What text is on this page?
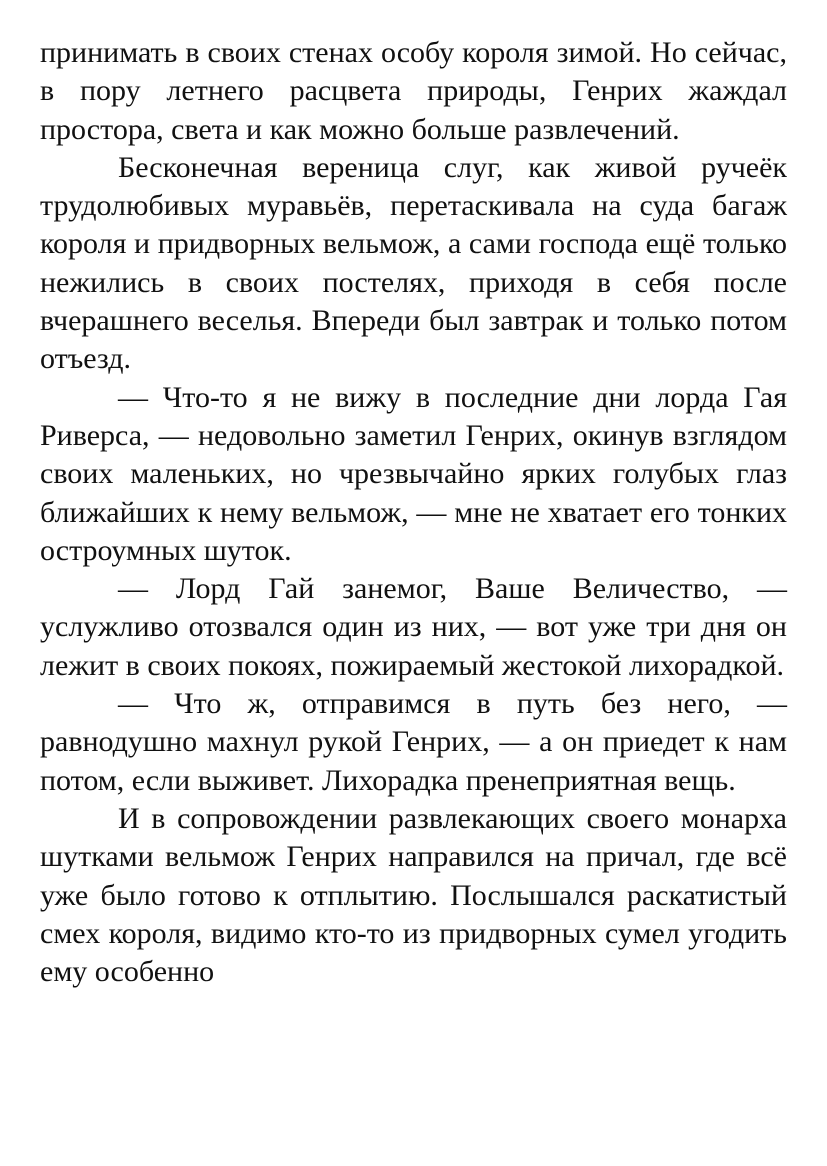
принимать в своих стенах особу короля зимой. Но сейчас, в пору летнего расцвета природы, Генрих жаждал простора, света и как можно больше развлечений.

Бесконечная вереница слуг, как живой ручеёк трудолюбивых муравьёв, перетаскивала на суда багаж короля и придворных вельмож, а сами господа ещё только нежились в своих постелях, приходя в себя после вчерашнего веселья. Впереди был завтрак и только потом отъезд.

— Что-то я не вижу в последние дни лорда Гая Риверса, — недовольно заметил Генрих, окинув взглядом своих маленьких, но чрезвычайно ярких голубых глаз ближайших к нему вельмож, — мне не хватает его тонких остроумных шуток.

— Лорд Гай занемог, Ваше Величество, — услужливо отозвался один из них, — вот уже три дня он лежит в своих покоях, пожираемый жестокой лихорадкой.

— Что ж, отправимся в путь без него, — равнодушно махнул рукой Генрих, — а он приедет к нам потом, если выживет. Лихорадка пренеприятная вещь.

И в сопровождении развлекающих своего монарха шутками вельмож Генрих направился на причал, где всё уже было готово к отплытию. Послышался раскатистый смех короля, видимо кто-то из придворных сумел угодить ему особенно
